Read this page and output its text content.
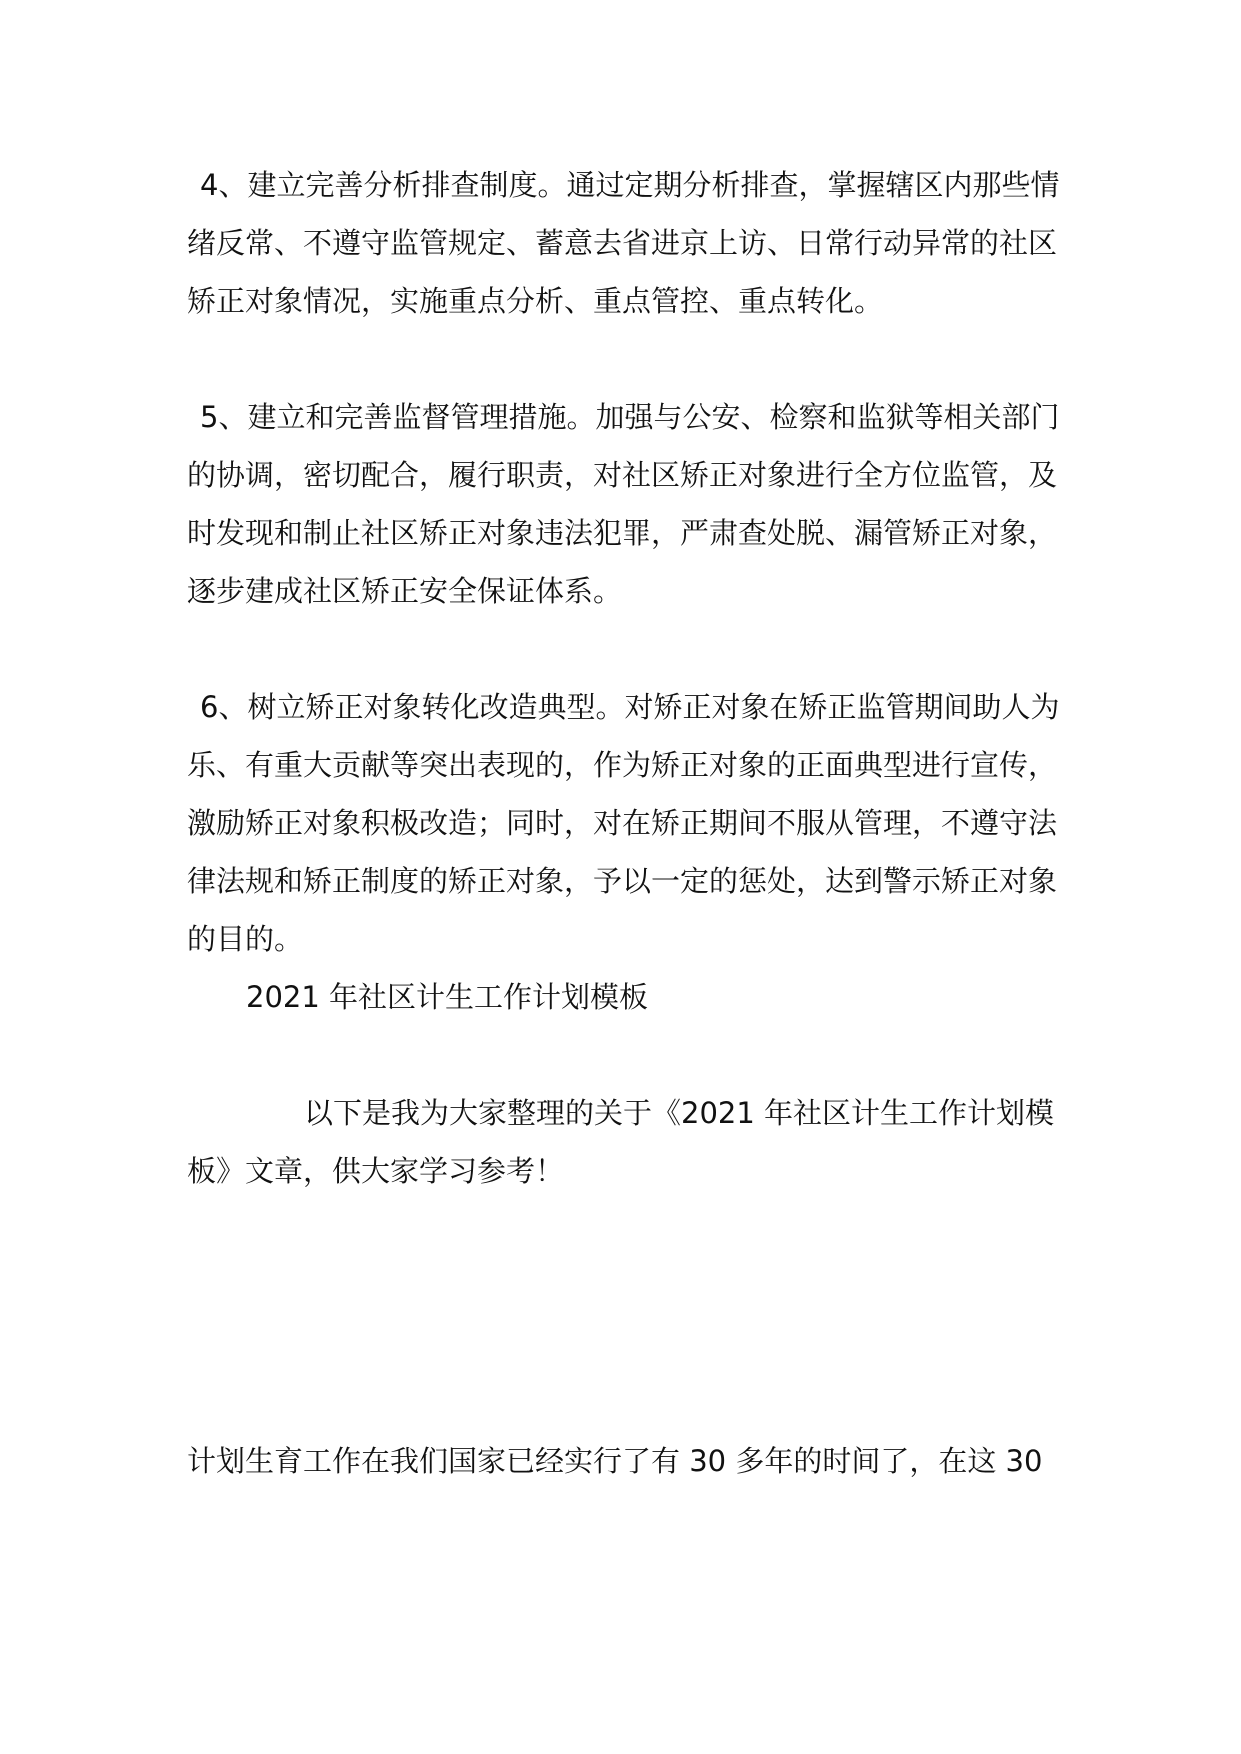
4、建立完善分析排查制度。通过定期分析排查，掌握辖区内那些情

绪反常、不遵守监管规定、蓄意去省进京上访、日常行动异常的社区

矫正对象情况，实施重点分析、重点管控、重点转化。

5、建立和完善监督管理措施。加强与公安、检察和监狱等相关部门

的协调，密切配合，履行职责，对社区矫正对象进行全方位监管，及

时发现和制止社区矫正对象违法犯罪，严肃查处脱、漏管矫正对象，

逐步建成社区矫正安全保证体系。

6、树立矫正对象转化改造典型。对矫正对象在矫正监管期间助人为

乐、有重大贡献等突出表现的，作为矫正对象的正面典型进行宣传，

激励矫正对象积极改造；同时，对在矫正期间不服从管理，不遵守法

律法规和矫正制度的矫正对象，予以一定的惩处，达到警示矫正对象

的目的。

2021 年社区计生工作计划模板

以下是我为大家整理的关于《2021 年社区计生工作计划模

板》文章，供大家学习参考！

计划生育工作在我们国家已经实行了有 30 多年的时间了，在这 30
